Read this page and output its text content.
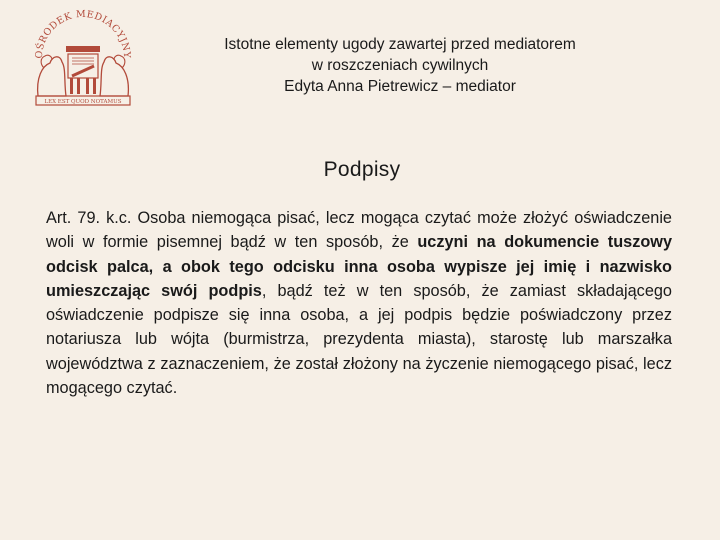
OŚRODEK MEDIACYJNY
LEX EST QUOD NOTAMUS
Istotne elementy ugody zawartej przed mediatorem
w roszczeniach cywilnych
Edyta Anna Pietrewicz – mediator
Podpisy
Art. 79. k.c. Osoba niemogąca pisać, lecz mogąca czytać może złożyć oświadczenie woli w formie pisemnej bądź w ten sposób, że uczyni na dokumencie tuszowy odcisk palca, a obok tego odcisku inna osoba wypisze jej imię i nazwisko umieszczając swój podpis, bądź też w ten sposób, że zamiast składającego oświadczenie podpisze się inna osoba, a jej podpis będzie poświadczony przez notariusza lub wójta (burmistrza, prezydenta miasta), starostę lub marszałka województwa z zaznaczeniem, że został złożony na życzenie niemogącego pisać, lecz mogącego czytać.
